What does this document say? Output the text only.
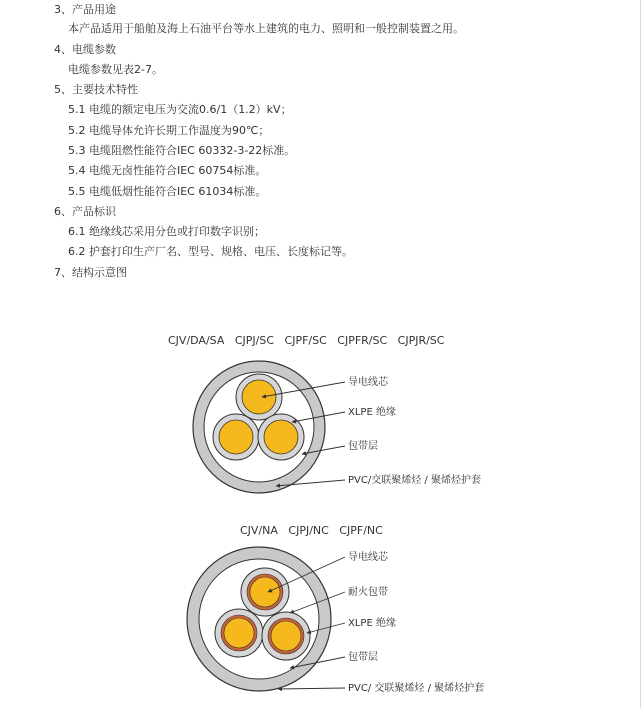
3、产品用途
本产品适用于船舶及海上石油平台等水上建筑的电力、照明和一般控制装置之用。
4、电缆参数
电缆参数见表2-7。
5、主要技术特性
5.1 电缆的额定电压为交流0.6/1（1.2）kV；
5.2 电缆导体允许长期工作温度为90℃；
5.3 电缆阻燃性能符合IEC 60332-3-22标准。
5.4 电缆无卤性能符合IEC 60754标准。
5.5 电缆低烟性能符合IEC 61034标准。
6、产品标识
6.1 绝缘线芯采用分色或打印数字识别；
6.2 护套打印生产厂名、型号、规格、电压、长度标记等。
7、结构示意图
CJV/DA/SA   CJPJ/SC   CJPF/SC   CJPFR/SC   CJPJR/SC
导电线芯
XLPE 绝缘
包带层
PVC/交联聚烯烃 / 聚烯烃护套
导电线芯
耐火包带
XLPE 绝缘
包带层
PVC/ 交联聚烯烃 / 聚烯烃护套
CJV/NA   CJPJ/NC   CJPF/NC
